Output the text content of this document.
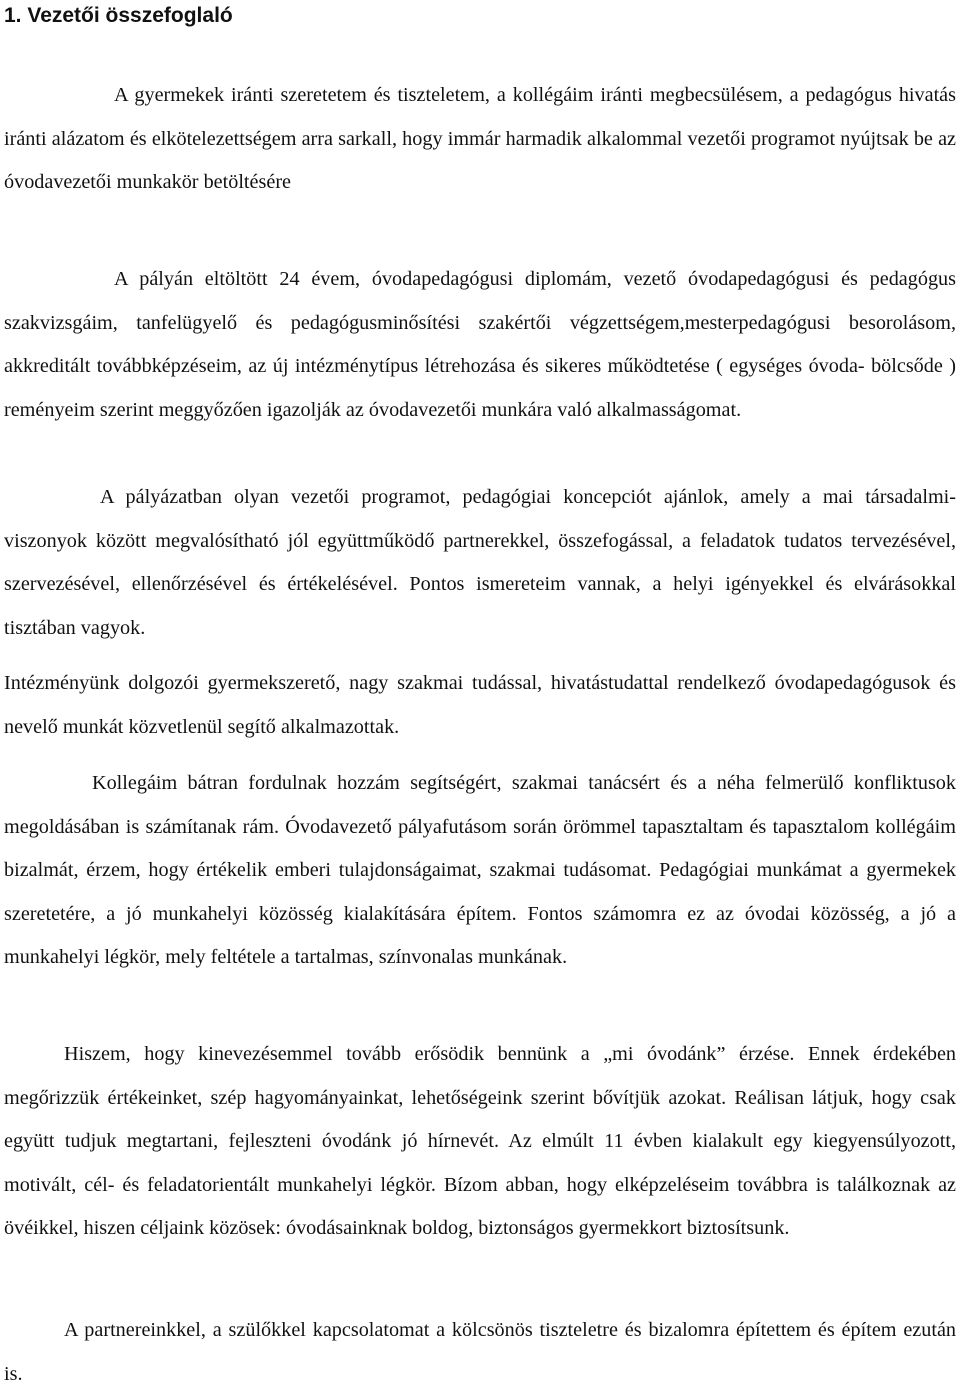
1. Vezetői összefoglaló

A gyermekek iránti szeretetem és tiszteletem, a kollégáim iránti megbecsülésem, a pedagógus hivatás iránti alázatom és elkötelezettségem arra sarkall, hogy immár harmadik alkalommal vezetői programot nyújtsak be az óvodavezetői munkakör betöltésére

A pályán eltöltött 24 évem, óvodapedagógusi diplomám, vezető óvodapedagógusi és pedagógus szakvizsgáim, tanfelügyelő és pedagógusminősítési szakértői végzettségem,mesterpedagógusi besorolásom, akkreditált továbbképzéseim, az új intézménytípus létrehozása és sikeres működtetése ( egységes óvoda- bölcsőde ) reményeim szerint meggyőzően igazolják az óvodavezetői munkára való alkalmasságomat.

A pályázatban olyan vezetői programot, pedagógiai koncepciót ajánlok, amely a mai társadalmi-viszonyok között megvalósítható jól együttműködő partnerekkel, összefogással, a feladatok tudatos tervezésével, szervezésével, ellenőrzésével és értékelésével. Pontos ismereteim vannak, a helyi igényekkel és elvárásokkal tisztában vagyok.

Intézményünk dolgozói gyermekszerető, nagy szakmai tudással, hivatástudattal rendelkező óvodapedagógusok és nevelő munkát közvetlenül segítő alkalmazottak.

Kollegáim bátran fordulnak hozzám segítségért, szakmai tanácsért és a néha felmerülő konfliktusok megoldásában is számítanak rám. Óvodavezető pályafutásom során örömmel tapasztaltam és tapasztalom kollégáim bizalmát, érzem, hogy értékelik emberi tulajdonságaimat, szakmai tudásomat. Pedagógiai munkámat a gyermekek szeretetére, a jó munkahelyi közösség kialakítására építem. Fontos számomra ez az óvodai közösség, a jó a munkahelyi légkör, mely feltétele a tartalmas, színvonalas munkának.

Hiszem, hogy kinevezésemmel tovább erősödik bennünk a „mi óvodánk” érzése. Ennek érdekében megőrizzük értékeinket, szép hagyományainkat, lehetőségeink szerint bővítjük azokat. Reálisan látjuk, hogy csak együtt tudjuk megtartani, fejleszteni óvodánk jó hírnevét. Az elmúlt 11 évben kialakult egy kiegyensúlyozott, motivált, cél- és feladatorientált munkahelyi légkör. Bízom abban, hogy elképzeléseim továbbra is találkoznak az övéikkel, hiszen céljaink közösek: óvodásainknak boldog, biztonságos gyermekkort biztosítsunk.

A partnereinkkel, a szülőkkel kapcsolatomat a kölcsönös tiszteletre és bizalomra építettem és építem ezután is.
